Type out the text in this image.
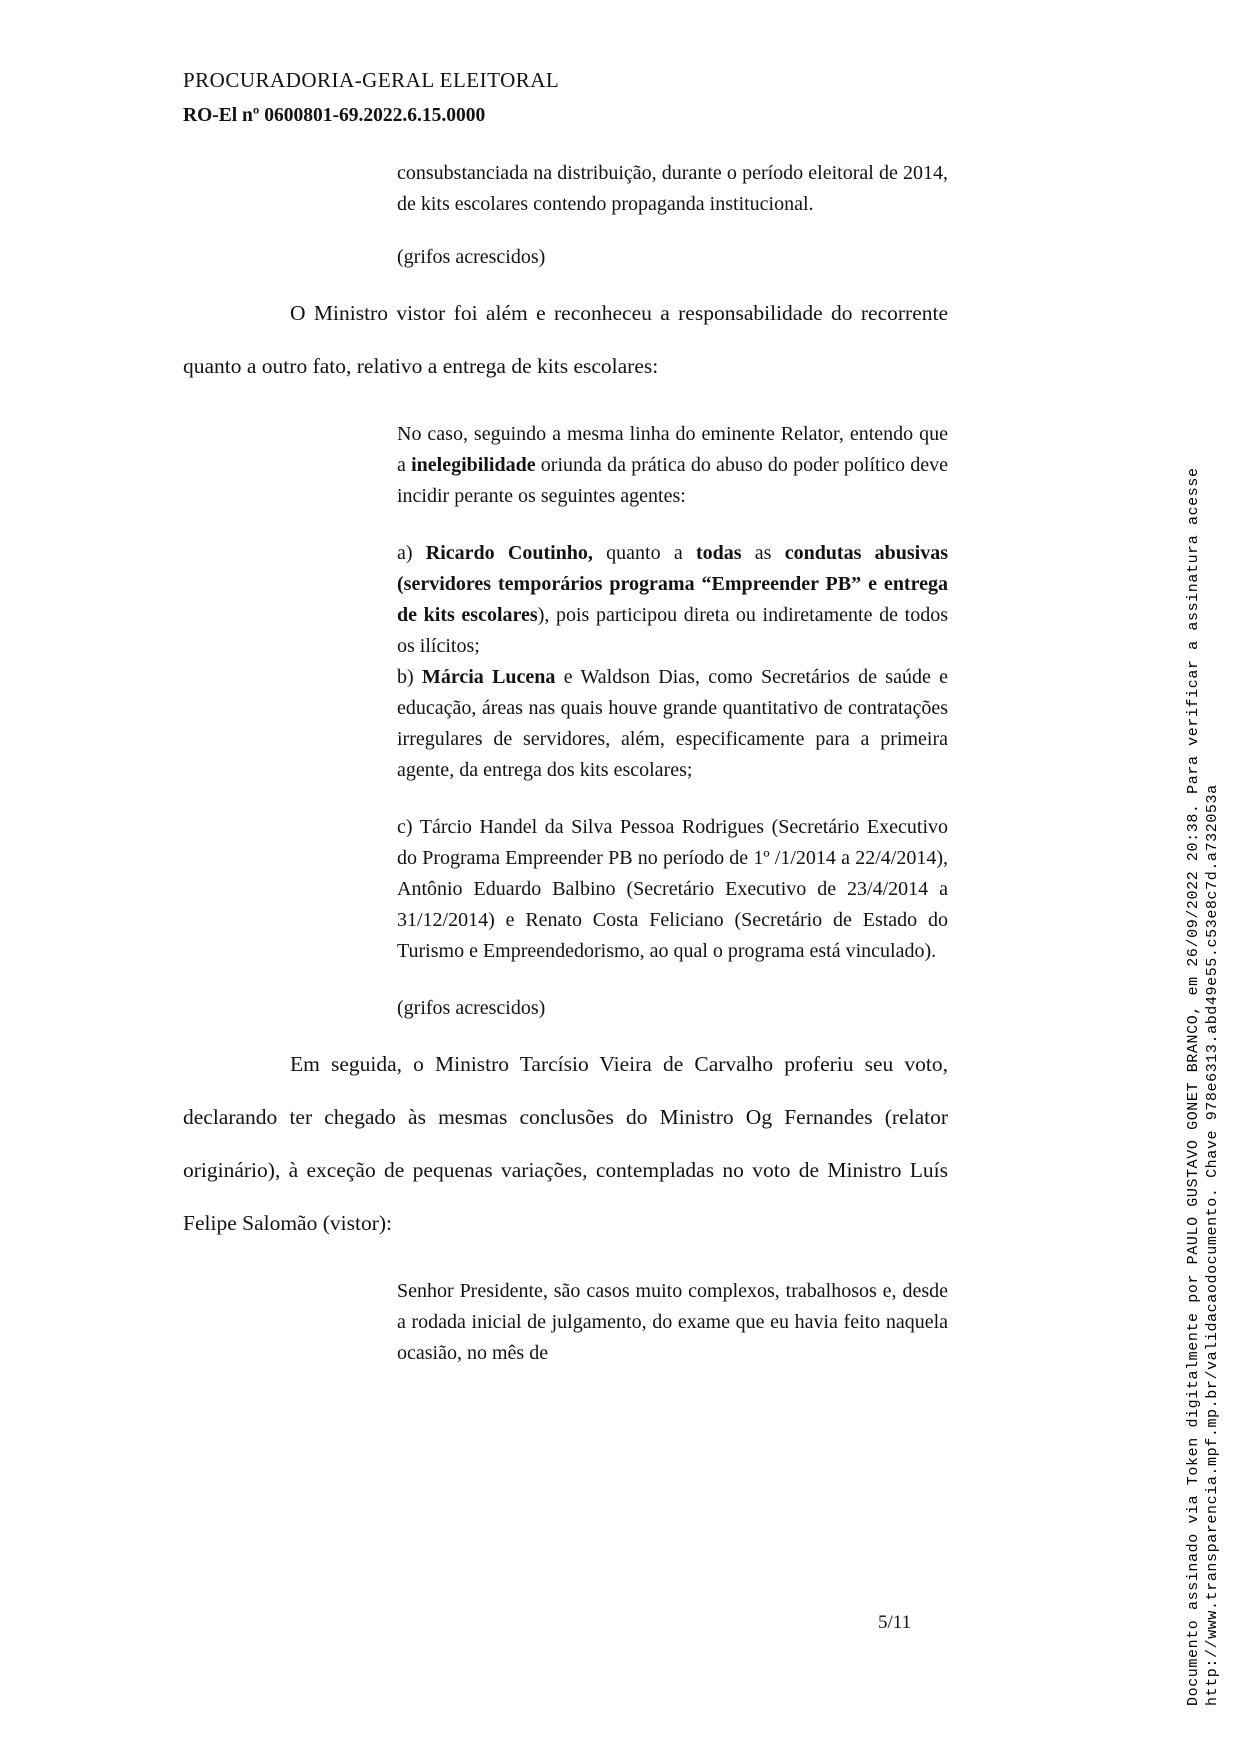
PROCURADORIA-GERAL ELEITORAL
RO-El nº 0600801-69.2022.6.15.0000
consubstanciada na distribuição, durante o período eleitoral de 2014, de kits escolares contendo propaganda institucional.
(grifos acrescidos)
O Ministro vistor foi além e reconheceu a responsabilidade do recorrente quanto a outro fato, relativo a entrega de kits escolares:
No caso, seguindo a mesma linha do eminente Relator, entendo que a inelegibilidade oriunda da prática do abuso do poder político deve incidir perante os seguintes agentes:
a) Ricardo Coutinho, quanto a todas as condutas abusivas (servidores temporários programa “Empreender PB” e entrega de kits escolares), pois participou direta ou indiretamente de todos os ilícitos;
b) Márcia Lucena e Waldson Dias, como Secretários de saúde e educação, áreas nas quais houve grande quantitativo de contratações irregulares de servidores, além, especificamente para a primeira agente, da entrega dos kits escolares;
c) Tárcio Handel da Silva Pessoa Rodrigues (Secretário Executivo do Programa Empreender PB no período de 1º /1/2014 a 22/4/2014), Antônio Eduardo Balbino (Secretário Executivo de 23/4/2014 a 31/12/2014) e Renato Costa Feliciano (Secretário de Estado do Turismo e Empreendedorismo, ao qual o programa está vinculado).
(grifos acrescidos)
Em seguida, o Ministro Tarcísio Vieira de Carvalho proferiu seu voto, declarando ter chegado às mesmas conclusões do Ministro Og Fernandes (relator originário), à exceção de pequenas variações, contempladas no voto de Ministro Luís Felipe Salomão (vistor):
Senhor Presidente, são casos muito complexos, trabalhosos e, desde a rodada inicial de julgamento, do exame que eu havia feito naquela ocasião, no mês de
5/11	Documento assinado via Token digitalmente por PAULO GUSTAVO GONET BRANCO, em 26/09/2022 20:38. Para verificar a assinatura acesse http://www.transparencia.mpf.mp.br/validacaodocumento. Chave 978e6313.abd49e55.c53e8c7d.a732053a
